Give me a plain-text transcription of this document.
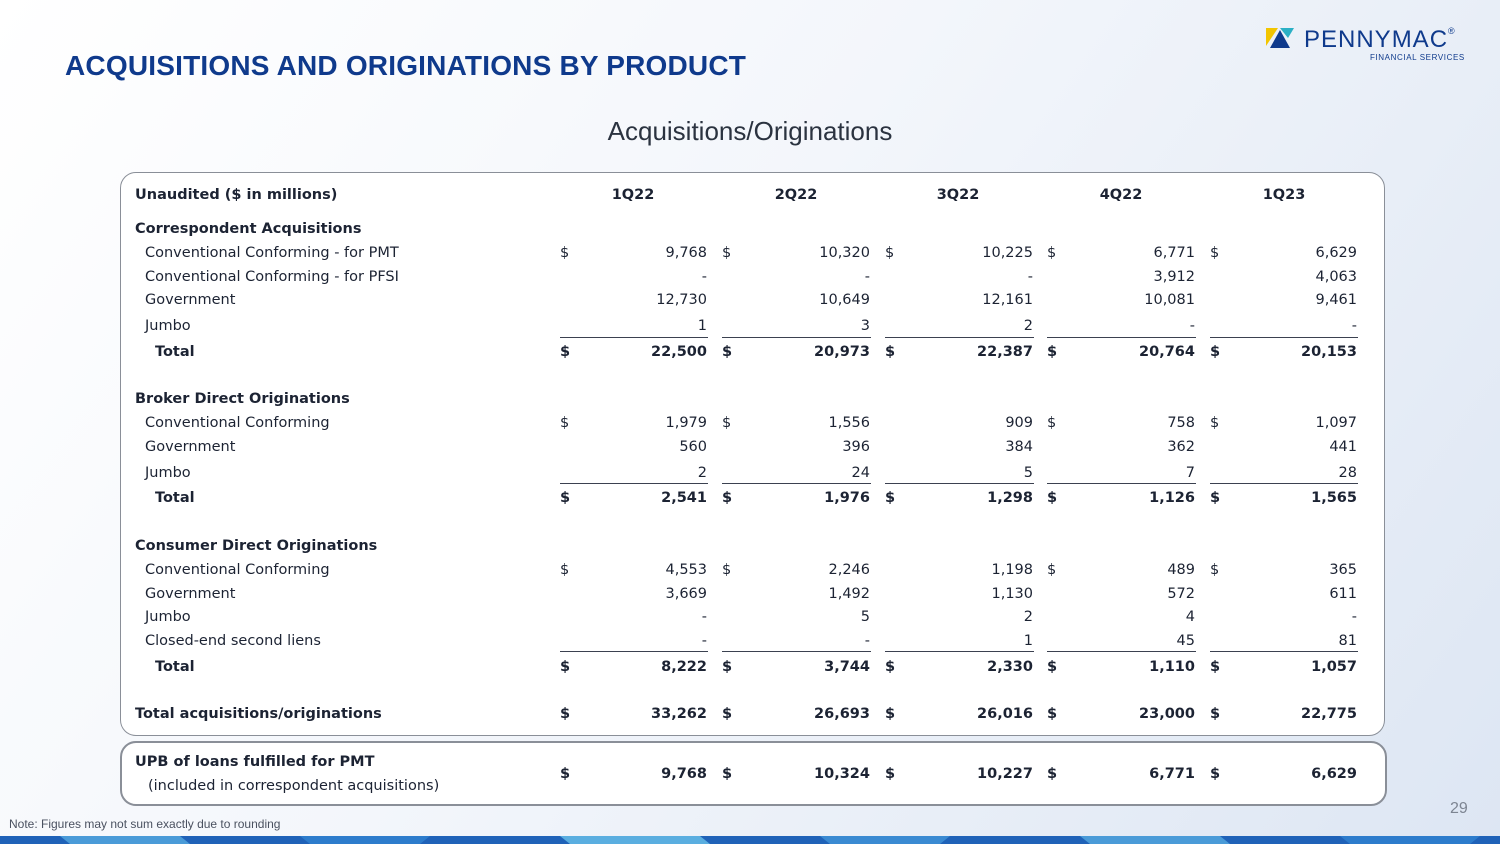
ACQUISITIONS AND ORIGINATIONS BY PRODUCT
PENNYMAC®
FINANCIAL SERVICES
Acquisitions/Originations
Unaudited ($ in millions)	1Q22	2Q22	3Q22	4Q22	1Q23
Correspondent Acquisitions
Conventional Conforming - for PMT	$	9,768 $	10,320 $	10,225 $	6,771 $	6,629
Conventional Conforming - for PFSI	-	-	-	3,912	4,063
Government	12,730	10,649	12,161	10,081	9,461
Jumbo	1	3	2	-	-
Total	$	22,500 $	20,973 $	22,387 $	20,764 $	20,153
Broker Direct Originations
Conventional Conforming	$	1,979 $	1,556	909 $	758 $	1,097
Government	560	396	384	362	441
Jumbo	2	24	5	7	28
Total	$	2,541 $	1,976 $	1,298 $	1,126 $	1,565
Consumer Direct Originations
Conventional Conforming	$	4,553 $	2,246	1,198 $	489 $	365
Government	3,669	1,492	1,130	572	611
Jumbo	-	5	2	4	-
Closed-end second liens	-	-	1	45	81
Total	$	8,222 $	3,744 $	2,330 $	1,110 $	1,057
Total acquisitions/originations	$	33,262 $	26,693 $	26,016 $	23,000 $	22,775
UPB of loans fulfilled for PMT
(included in correspondent acquisitions)
$	9,768 $	10,324 $	10,227 $	6,771 $	6,629
Note: Figures may not sum exactly due to rounding
29
